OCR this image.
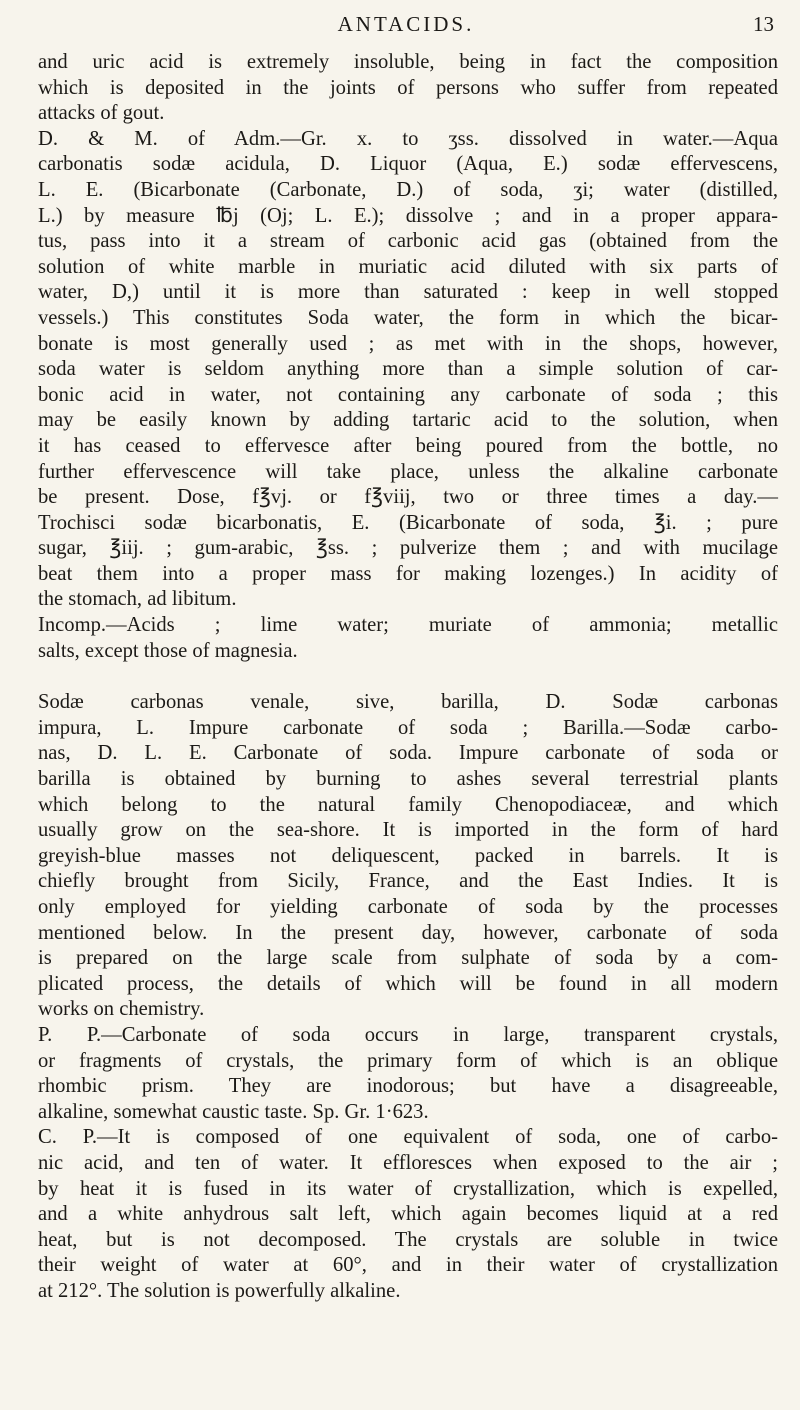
ANTACIDS.	13
and uric acid is extremely insoluble, being in fact the composition
which is deposited in the joints of persons who suffer from repeated
attacks of gout.
D. & M. of Adm.—Gr. x. to ʒss. dissolved in water.—Aqua
carbonatis sodæ acidula, D. Liquor (Aqua, E.) sodæ effervescens,
L. E. (Bicarbonate (Carbonate, D.) of soda, ʒi; water (distilled,
L.) by measure ℔j (Oj; L. E.); dissolve ; and in a proper appara-
tus, pass into it a stream of carbonic acid gas (obtained from the
solution of white marble in muriatic acid diluted with six parts of
water, D,) until it is more than saturated : keep in well stopped
vessels.) This constitutes Soda water, the form in which the bicar-
bonate is most generally used ; as met with in the shops, however,
soda water is seldom anything more than a simple solution of car-
bonic acid in water, not containing any carbonate of soda ; this
may be easily known by adding tartaric acid to the solution, when
it has ceased to effervesce after being poured from the bottle, no
further effervescence will take place, unless the alkaline carbonate
be present. Dose, f℥vj. or f℥viij, two or three times a day.—
Trochisci sodæ bicarbonatis, E. (Bicarbonate of soda, ℥i. ; pure
sugar, ℥iij. ; gum-arabic, ℥ss. ; pulverize them ; and with mucilage
beat them into a proper mass for making lozenges.) In acidity of
the stomach, ad libitum.
Incomp.—Acids ; lime water; muriate of ammonia; metallic
salts, except those of magnesia.
Sodæ carbonas venale, sive, barilla, D. Sodæ carbonas
impura, L. Impure carbonate of soda ; Barilla.—Sodæ carbo-
nas, D. L. E. Carbonate of soda. Impure carbonate of soda or
barilla is obtained by burning to ashes several terrestrial plants
which belong to the natural family Chenopodiaceæ, and which
usually grow on the sea-shore. It is imported in the form of hard
greyish-blue masses not deliquescent, packed in barrels. It is
chiefly brought from Sicily, France, and the East Indies. It is
only employed for yielding carbonate of soda by the processes
mentioned below. In the present day, however, carbonate of soda
is prepared on the large scale from sulphate of soda by a com-
plicated process, the details of which will be found in all modern
works on chemistry.
P. P.—Carbonate of soda occurs in large, transparent crystals,
or fragments of crystals, the primary form of which is an oblique
rhombic prism. They are inodorous; but have a disagreeable,
alkaline, somewhat caustic taste. Sp. Gr. 1·623.
C. P.—It is composed of one equivalent of soda, one of carbo-
nic acid, and ten of water. It effloresces when exposed to the air ;
by heat it is fused in its water of crystallization, which is expelled,
and a white anhydrous salt left, which again becomes liquid at a red
heat, but is not decomposed. The crystals are soluble in twice
their weight of water at 60°, and in their water of crystallization
at 212°. The solution is powerfully alkaline.
